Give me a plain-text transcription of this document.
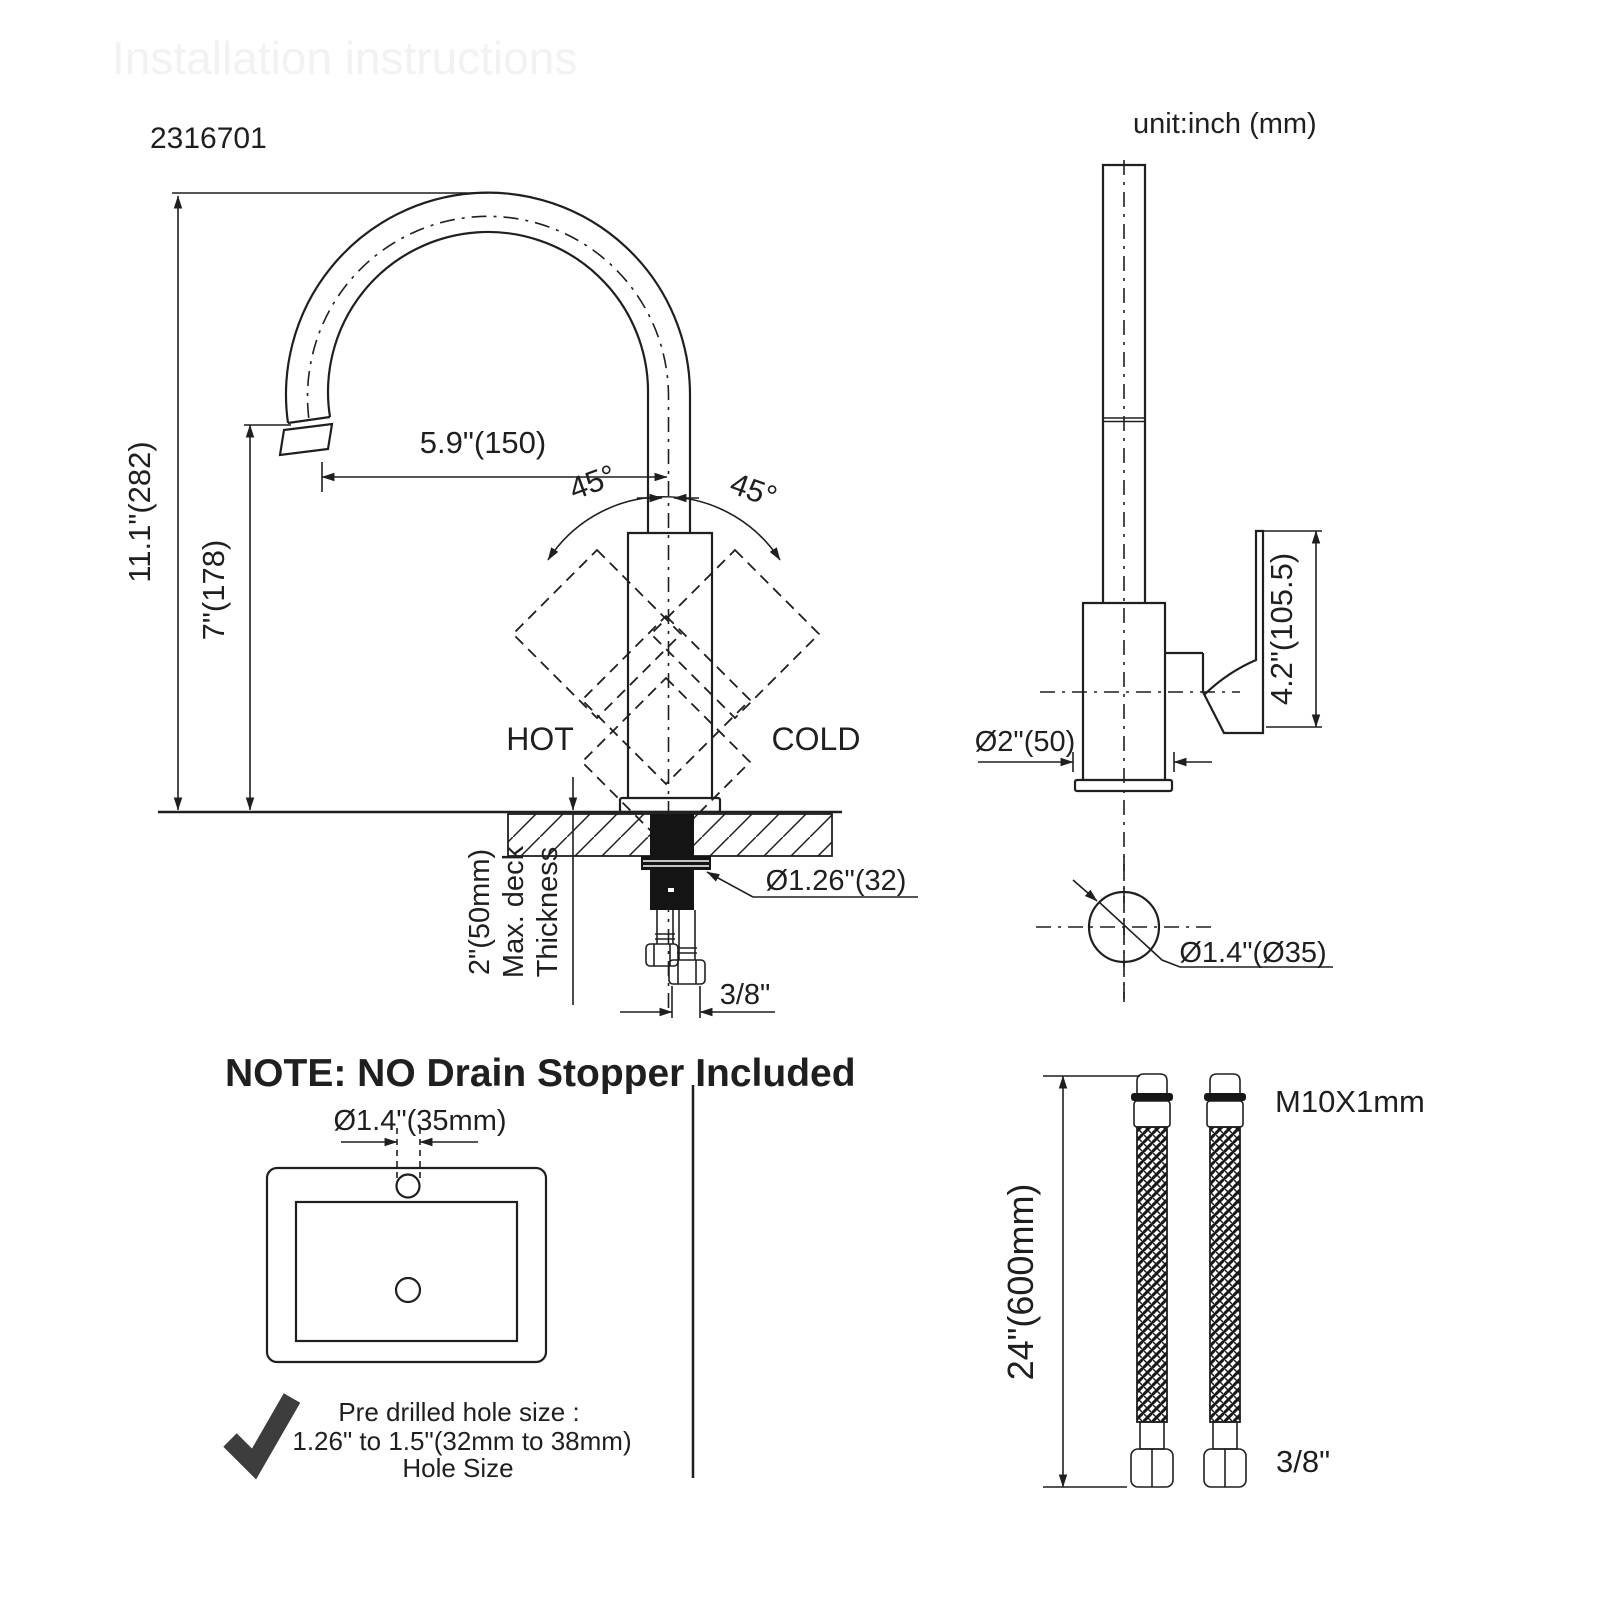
Installation instructions
2316701	unit:inch (mm)
11.1"(282)
7"(178)
5.9"(150)
45°	45°
HOT	COLD
2"(50mm) Max. deck Thickness	Ø1.26"(32)
3/8"
4.2"(105.5)
Ø2"(50)
Ø1.4"(Ø35)
NOTE: NO Drain Stopper Included
Ø1.4"(35mm)
Pre drilled hole size :
1.26" to 1.5"(32mm to 38mm)
Hole Size
24"(600mm)
M10X1mm
3/8"
